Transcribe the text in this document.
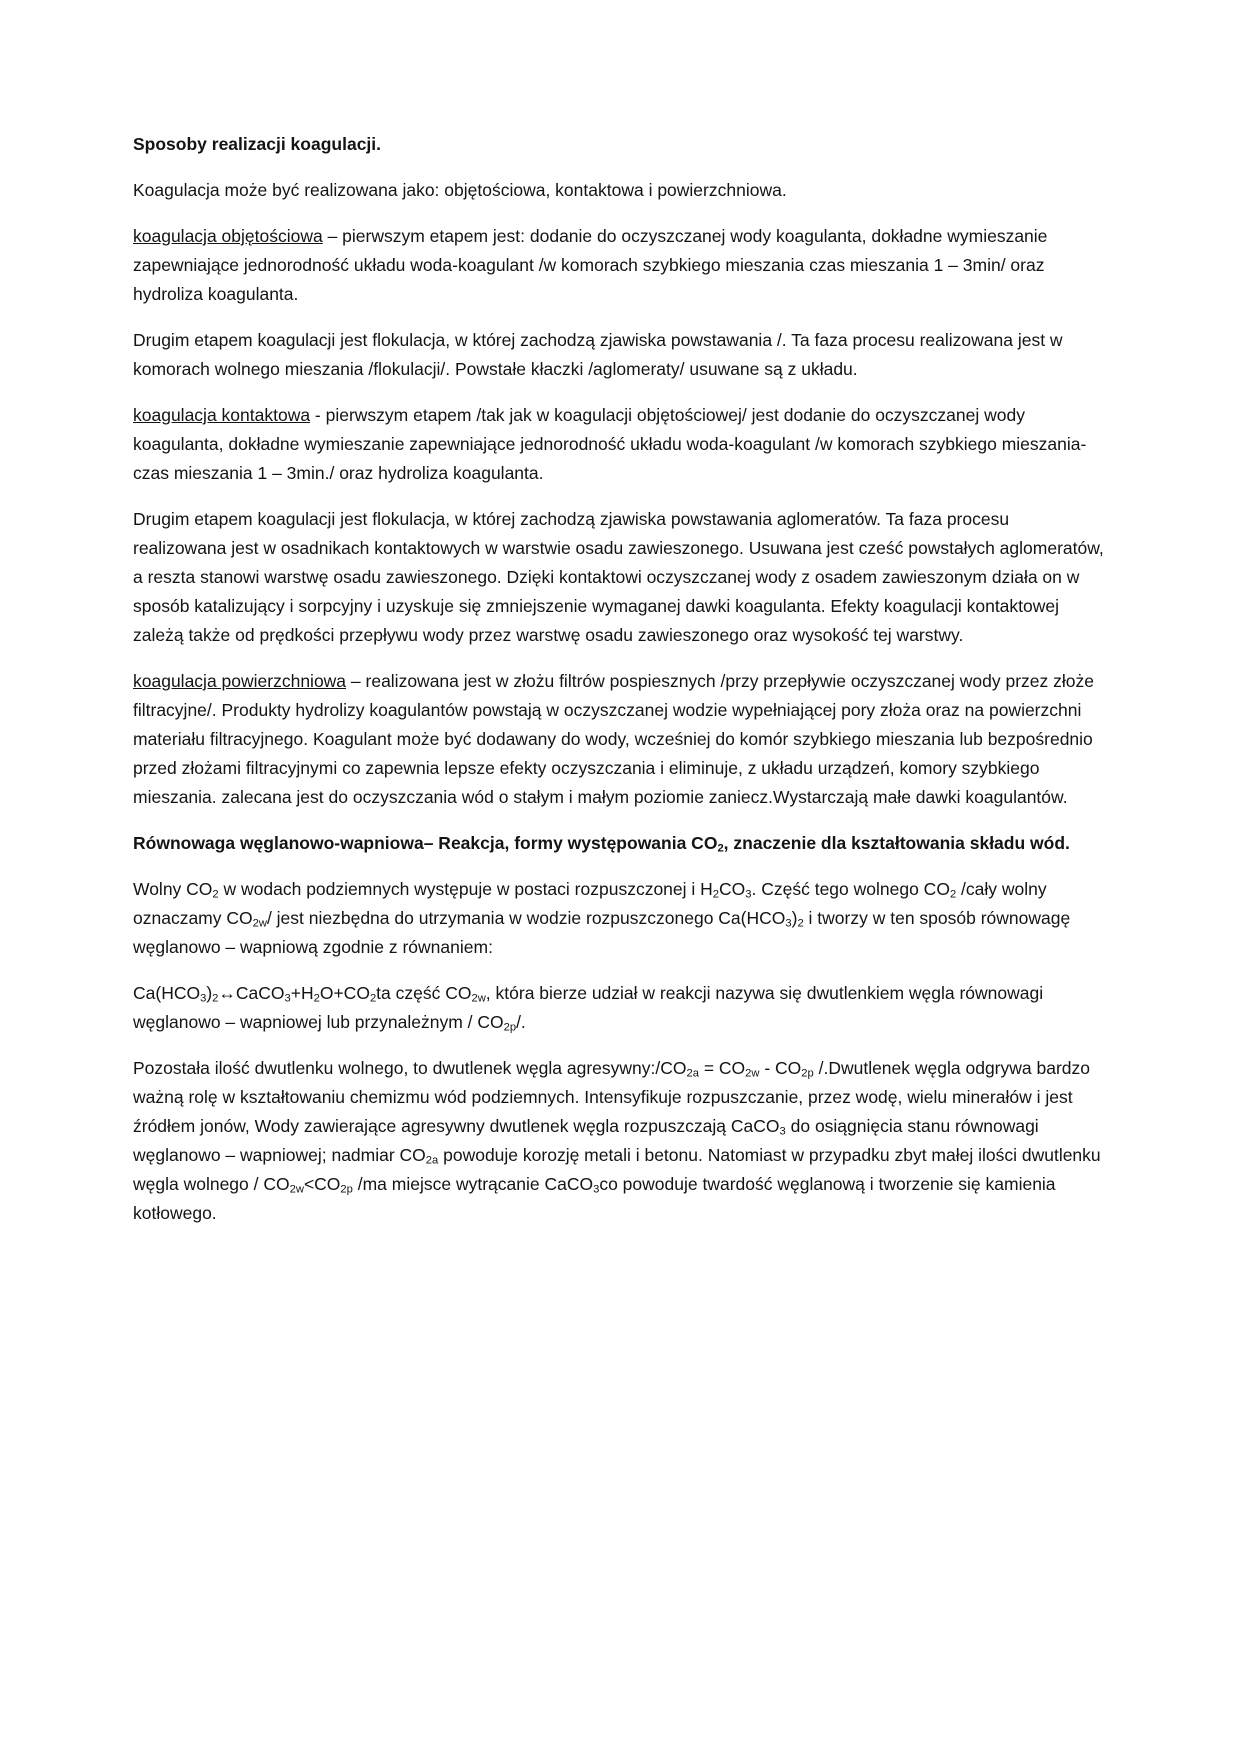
Sposoby realizacji koagulacji.

Koagulacja może być realizowana jako: objętościowa, kontaktowa i powierzchniowa.

koagulacja objętościowa – pierwszym etapem jest: dodanie do oczyszczanej wody koagulanta, dokładne wymieszanie zapewniające jednorodność układu woda-koagulant /w komorach szybkiego mieszania czas mieszania 1 – 3min/ oraz hydroliza koagulanta.

Drugim etapem koagulacji jest flokulacja, w której zachodzą zjawiska powstawania /. Ta faza procesu realizowana jest w komorach wolnego mieszania /flokulacji/. Powstałe kłaczki /aglomeraty/ usuwane są z układu.

koagulacja kontaktowa - pierwszym etapem /tak jak w koagulacji objętościowej/ jest dodanie do oczyszczanej wody koagulanta, dokładne wymieszanie zapewniające jednorodność układu woda-koagulant /w komorach szybkiego mieszania-czas mieszania 1 – 3min./ oraz hydroliza koagulanta.

Drugim etapem koagulacji jest flokulacja, w której zachodzą zjawiska powstawania aglomeratów. Ta faza procesu realizowana jest w osadnikach kontaktowych w warstwie osadu zawieszonego. Usuwana jest cześć powstałych aglomeratów, a reszta stanowi warstwę osadu zawieszonego. Dzięki kontaktowi oczyszczanej wody z osadem zawieszonym działa on w sposób katalizujący i sorpcyjny i uzyskuje się zmniejszenie wymaganej dawki koagulanta. Efekty koagulacji kontaktowej zależą także od prędkości przepływu wody przez warstwę osadu zawieszonego oraz wysokość tej warstwy.

koagulacja powierzchniowa – realizowana jest w złożu filtrów pospiesznych /przy przepływie oczyszczanej wody przez złoże filtracyjne/. Produkty hydrolizy koagulantów powstają w oczyszczanej wodzie wypełniającej pory złoża oraz na powierzchni materiału filtracyjnego. Koagulant może być dodawany do wody, wcześniej do komór szybkiego mieszania lub bezpośrednio przed złożami filtracyjnymi co zapewnia lepsze efekty oczyszczania i eliminuje, z układu urządzeń, komory szybkiego mieszania. zalecana jest do oczyszczania wód o stałym i małym poziomie zaniecz.Wystarczają małe dawki koagulantów.

Równowaga węglanowo-wapniowa– Reakcja, formy występowania $CO_2$, znaczenie dla kształtowania składu wód.

Wolny $CO_2$ w wodach podziemnych występuje w postaci rozpuszczonej i $H_2CO_3$. Część tego wolnego $CO_2$ /cały wolny oznaczamy $CO_{2w}/$ jest niezbędna do utrzymania w wodzie rozpuszczonego $Ca(HCO_3)_2$ i tworzy w ten sposób równowagę węglanowo – wapniową zgodnie z równaniem:

$Ca(HCO_3)_2\leftrightarrow CaCO_3+H_2O+CO_2ta$ część $CO_{2w}$, która bierze udział w reakcji nazywa się dwutlenkiem węgla równowagi węglanowo – wapniowej lub przynależnym / $CO_{2p}/$.

Pozostała ilość dwutlenku wolnego, to dwutlenek węgla $agresywny:/CO_{2a} = CO_{2w} - CO_{2p}$ /.Dwutlenek węgla odgrywa bardzo ważną rolę w kształtowaniu chemizmu wód podziemnych. Intensyfikuje rozpuszczanie, przez wodę, wielu minerałów i jest źródłem jonów, Wody zawierające agresywny dwutlenek węgla rozpuszczają CaCO$_3$ do osiągnięcia stanu równowagi węglanowo – wapniowej; nadmiar $CO_{2a}$ powoduje korozję metali i betonu. Natomiast w przypadku zbyt małej ilości dwutlenku węgla wolnego / $CO_{2w}<CO_{2p}$ /ma miejsce wytrącanie CaCO$_3$co powoduje twardość węglanową i tworzenie się kamienia kotłowego.
